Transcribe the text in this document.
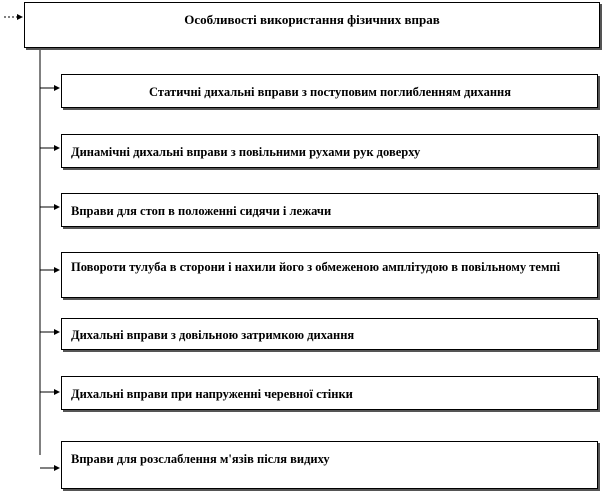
Особливості використання фізичних вправ
Статичні дихальні вправи з поступовим поглибленням дихання
Динамічні дихальні вправи з повільними рухами рук доверху
Вправи для стоп в положенні сидячи і лежачи
Повороти тулуба в сторони і нахили його з обмеженою амплітудою в повільному темпі
Дихальні вправи з довільною затримкою дихання
Дихальні вправи при напруженні черевної стінки
Вправи для розслаблення м'язів після видиху
